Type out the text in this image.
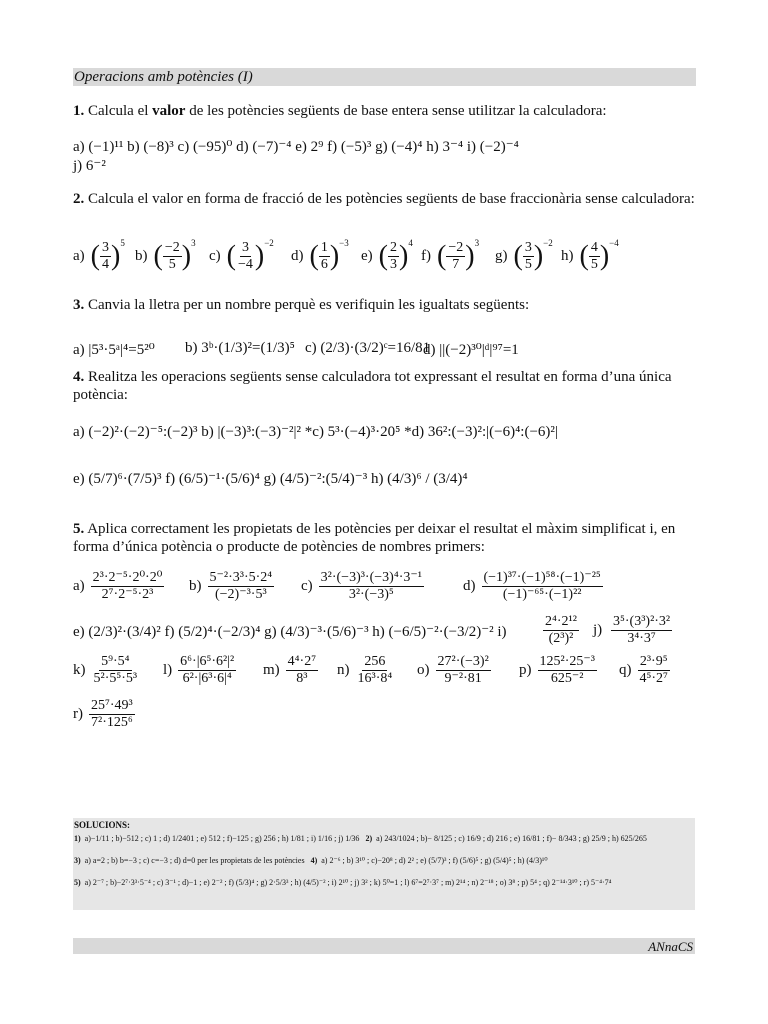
Operacions amb potències (I)
1. Calcula el valor de les potències següents de base entera sense utilitzar la calculadora:
a) (−1)¹¹ b) (−8)³ c) (−95)⁰ d) (−7)⁻⁴ e) 2⁹ f) (−5)³ g) (−4)⁴ h) 3⁻⁴ i) (−2)⁻⁴
j) 6⁻²
2. Calcula el valor en forma de fracció de les potències següents de base fraccionària sense calculadora:
a) ( $\frac{3}{4} )^5$
b) ( $\frac{-2}{5} )^3$
c) ( $\frac{3}{-4} )^{-2}$
d) ( $\frac{1}{6} )^{-3}$
e) ( $\frac{2}{3} )^4$
f) ( $\frac{-2}{7} )^3$
g) ( $\frac{3}{5} )^{-2}$
h) ( $\frac{4}{5} )^{-4}$
3. Canvia la lletra per un nombre perquè es verifiquin les igualtats següents:
a) |5³·5ᵃ|⁴=5²⁰ b) 3ᵇ·(1/3)²=(1/3)⁵ c) (2/3)·(3/2)ᶜ=16/81
d) ||(−2)³⁰|ᵈ|⁹⁷=1
4. Realitza les operacions següents sense calculadora tot expressant el resultat en forma d’una única potència:
a) (−2)²·(−2)⁻⁵:(−2)³ b) |(−3)³:(−3)⁻²|² *c) 5³·(−4)³·20⁵ *d) 36²:(−3)²:|(−6)⁴:(−6)²|
e) (5/7)⁶·(7/5)³ f) (6/5)⁻¹·(5/6)⁴ g) (4/5)⁻²:(5/4)⁻³ h) (4/3)⁶ / (3/4)⁴
5. Aplica correctament les propietats de les potències per deixar el resultat el màxim simplificat i, en forma d’única potència o producte de potències de nombres primers:
$a) \frac{\text{2³·2⁻⁵·2⁰·2⁰}}{\text{2⁷·2⁻⁵·2³}} b) \frac{\text{5⁻²·3³·5·2⁴}}{\text{(−2)⁻³·5³}} c) \frac{\text{3²·(−3)³·(−3)⁴·3⁻¹}}{\text{3²·(−3)⁵}}$	$d) \frac{\text{(−1)³⁷·(−1)⁵⁸·(−1)⁻²⁵}}{\text{(−1)⁻⁶⁵·(−1)²²}}$
e) (2/3)²·(3/4)² f) (5/2)⁴·(−2/3)⁴ g) (4/3)⁻³·(5/6)⁻³ h) (−6/5)⁻²·(−3/2)⁻² i)	$\frac{\text{2⁴·2¹²}}{\text{(2³)²}} j) \frac{\text{3⁵·(3³)²·3²}}{\text{3⁴·3⁷}}$
$k) \frac{\text{5⁹·5⁴}}{\text{5²·5⁵·5³}} l) \frac{\text{6⁶·|6⁵·6²|²}}{\text{6²·|6³·6|⁴}} m) \frac{\text{4⁴·2⁷}}{\text{8³}} n) \frac{256}{\text{16³·8⁴}} o) \frac{\text{27²·(−3)²}}{\text{9⁻²·81}} p) \frac{\text{125²·25⁻³}}{\text{625⁻²}} q) \frac{\text{2³·9⁵}}{\text{4⁵·2⁷}}$
$r) \frac{\text{25⁷·49³}}{\text{7²·125⁶}}$
SOLUCIONS:
1) a)−1/11 ; b)−512 ; c) 1 ; d) 1/2401 ; e) 512 ; f)−125 ; g) 256 ; h) 1/81 ; i) 1/16 ; j) 1/36 2) a) 243/1024 ; b)− 8/125 ; c) 16/9 ; d) 216 ; e) 16/81 ; f)− 8/343 ; g) 25/9 ; h) 625/265
3) a) a=2 ; b) b=−3 ; c) c=−3 ; d) d=0 per les propietats de les potències 4) a) 2⁻⁶ ; b) 3¹⁰ ; c)−20⁸ ; d) 2² ; e) (5/7)³ ; f) (5/6)⁵ ; g) (5/4)⁵ ; h) (4/3)¹⁰
5) a) 2⁻⁷ ; b)−2⁷·3³·5⁻⁴ ; c) 3⁻¹ ; d)−1 ; e) 2⁻² ; f) (5/3)⁴ ; g) 2·5/3³ ; h) (4/5)⁻² ; i) 2¹⁰ ; j) 3² ; k) 5⁰=1 ; l) 6⁷=2⁷·3⁷ ; m) 2¹⁴ ; n) 2⁻¹⁸ ; o) 3⁸ ; p) 5⁴ ; q) 2⁻¹⁴·3¹⁰ ; r) 5⁻⁴·7⁴
ANnaCS
